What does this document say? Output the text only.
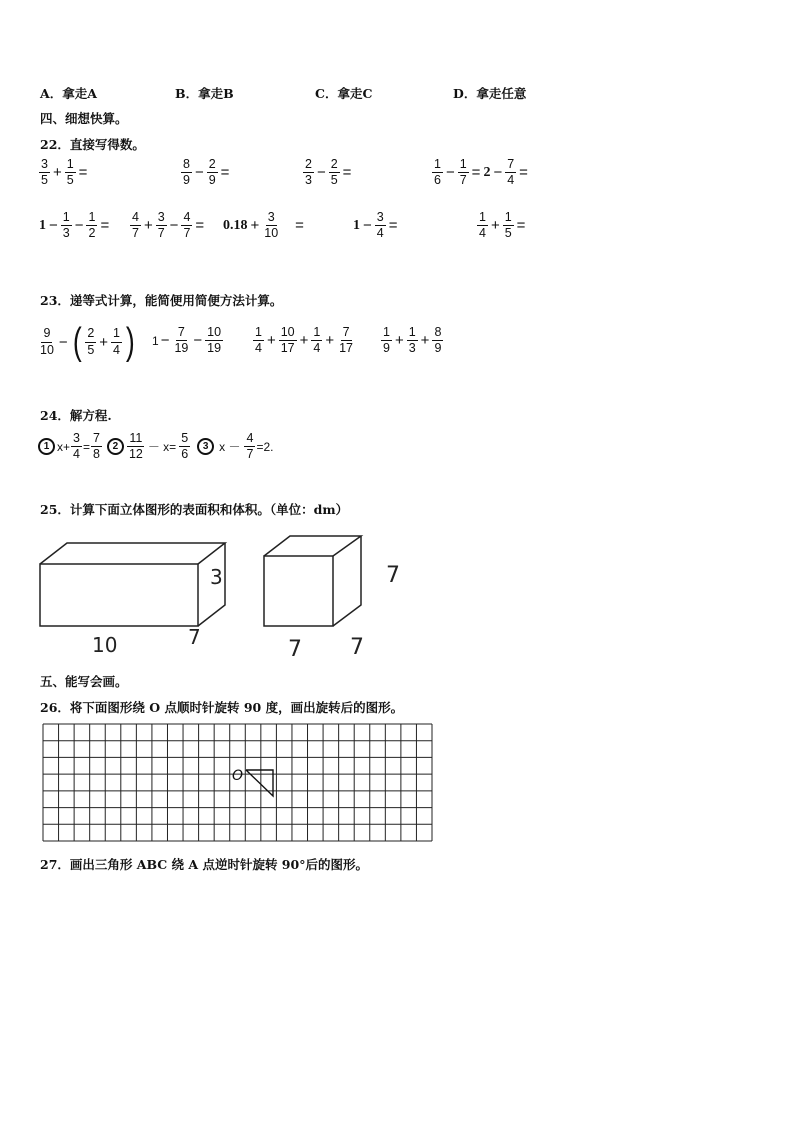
A．拿走A	B．拿走B	C．拿走C	D．拿走任意
四、细想快算。
22．直接写得数。
$\frac{3}{5} + \frac{1}{5}$ =	$\frac{8}{9} - \frac{2}{9}$ =	$\frac{2}{3} - \frac{2}{5}$ =	$\frac{1}{6} - \frac{1}{7} = 2 - \frac{7}{4}$ =
$1 - \frac{1}{3} - \frac{1}{2} = \frac{4}{7} + \frac{3}{7} - \frac{4}{7} = 0.18 + \frac{3}{10}$ =	$1 - \frac{3}{4}$ =	$\frac{1}{4} + \frac{1}{5}$ =
23．递等式计算，能简便用简便方法计算。
$\frac{9}{10}$ − ( $\frac{2}{5} + \frac{1}{4}$ ) $1 - \frac{7}{19} - \frac{10}{19} \frac{1}{4} + \frac{10}{17} + \frac{1}{4} + \frac{7}{17} \frac{1}{9} + \frac{1}{3} + \frac{8}{9}$
24．解方程.
1 $x+ \frac{3}{4} = \frac{7}{8}$	$2 \frac{11}{12} - x= \frac{5}{6}$	3 $x - \frac{4}{7} =2$.
25．计算下面立体图形的表面积和体积。（单位：dm）
3
10	7
7
7 7
五、能写会画。
26．将下面图形绕 O 点顺时针旋转 90 度，画出旋转后的图形。
O
27．画出三角形 ABC 绕 A 点逆时针旋转 90°后的图形。
